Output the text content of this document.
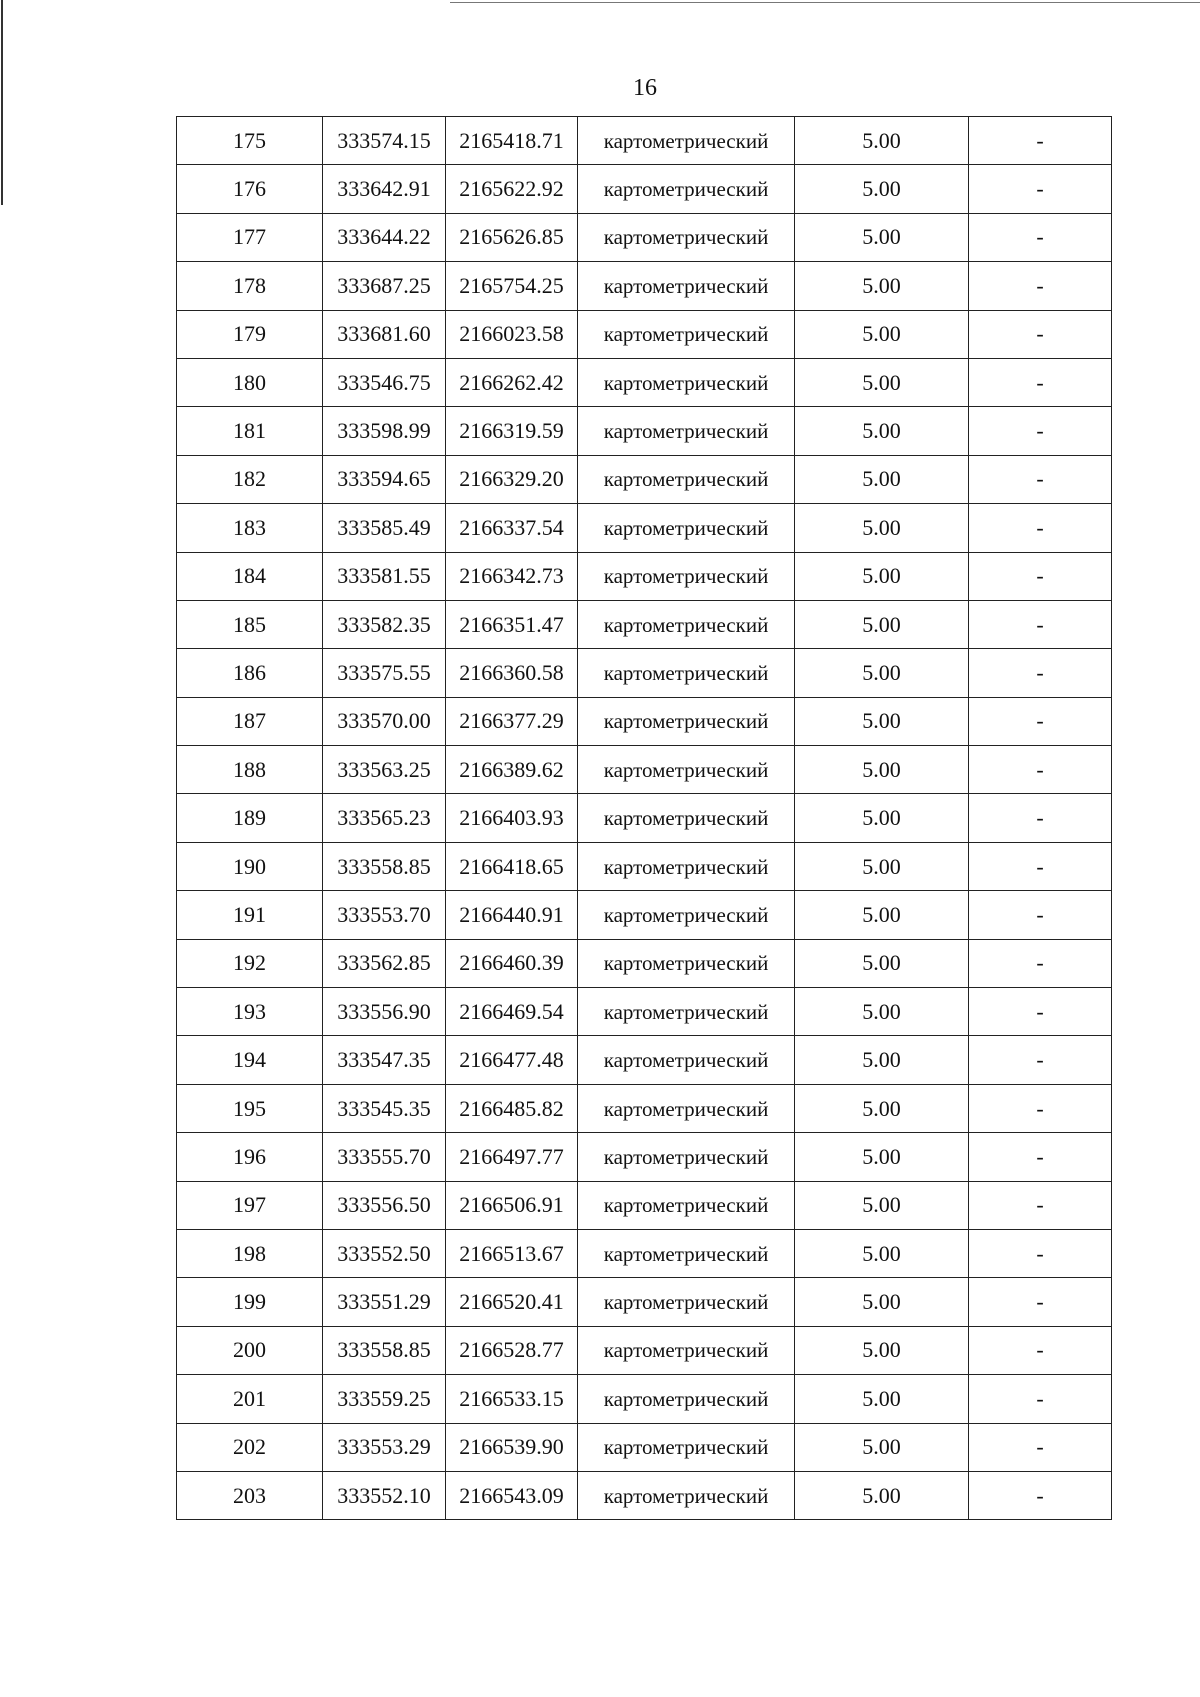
16
175	333574.15	2165418.71	картометрический	5.00	-
176	333642.91	2165622.92	картометрический	5.00	-
177	333644.22	2165626.85	картометрический	5.00	-
178	333687.25	2165754.25	картометрический	5.00	-
179	333681.60	2166023.58	картометрический	5.00	-
180	333546.75	2166262.42	картометрический	5.00	-
181	333598.99	2166319.59	картометрический	5.00	-
182	333594.65	2166329.20	картометрический	5.00	-
183	333585.49	2166337.54	картометрический	5.00	-
184	333581.55	2166342.73	картометрический	5.00	-
185	333582.35	2166351.47	картометрический	5.00	-
186	333575.55	2166360.58	картометрический	5.00	-
187	333570.00	2166377.29	картометрический	5.00	-
188	333563.25	2166389.62	картометрический	5.00	-
189	333565.23	2166403.93	картометрический	5.00	-
190	333558.85	2166418.65	картометрический	5.00	-
191	333553.70	2166440.91	картометрический	5.00	-
192	333562.85	2166460.39	картометрический	5.00	-
193	333556.90	2166469.54	картометрический	5.00	-
194	333547.35	2166477.48	картометрический	5.00	-
195	333545.35	2166485.82	картометрический	5.00	-
196	333555.70	2166497.77	картометрический	5.00	-
197	333556.50	2166506.91	картометрический	5.00	-
198	333552.50	2166513.67	картометрический	5.00	-
199	333551.29	2166520.41	картометрический	5.00	-
200	333558.85	2166528.77	картометрический	5.00	-
201	333559.25	2166533.15	картометрический	5.00	-
202	333553.29	2166539.90	картометрический	5.00	-
203	333552.10	2166543.09	картометрический	5.00	-
